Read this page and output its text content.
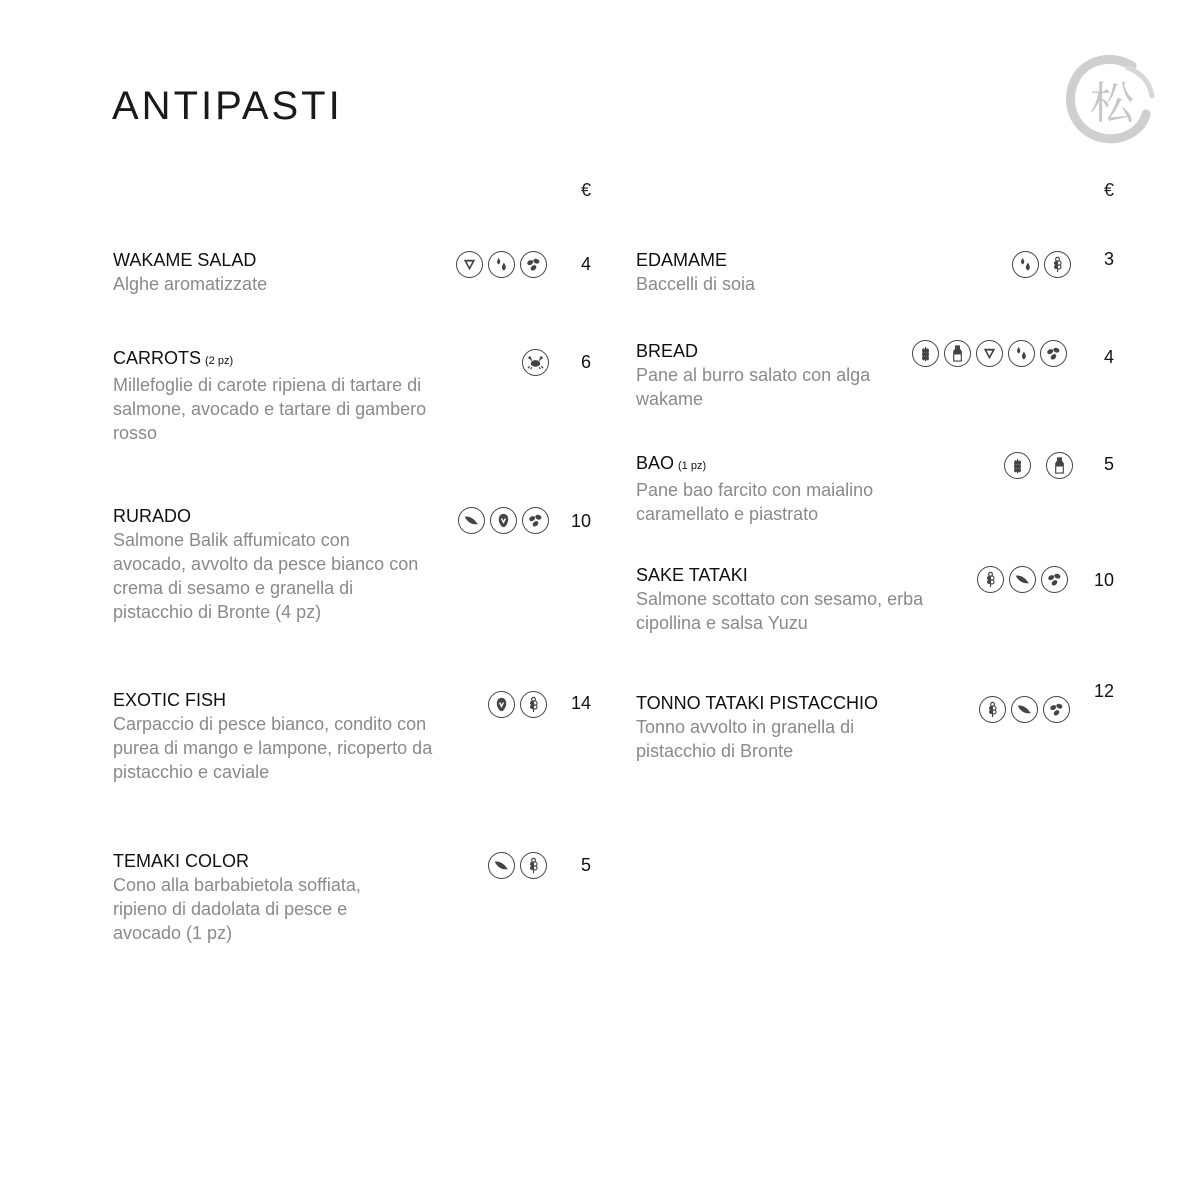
ANTIPASTI	松
€	€
WAKAME SALAD
Alghe aromatizzate
4
CARROTS (2 pz)
Millefoglie di carote ripiena di tartare di salmone, avocado e tartare di gambero rosso
6
RURADO
Salmone Balik affumicato con avocado, avvolto da pesce bianco con crema di sesamo e granella di pistacchio di Bronte (4 pz)
10
EXOTIC FISH
Carpaccio di pesce bianco, condito con purea di mango e lampone, ricoperto da pistacchio e caviale
14
TEMAKI COLOR
Cono alla barbabietola soffiata, ripieno di dadolata di pesce e avocado (1 pz)
5
EDAMAME
Baccelli di soia
3
BREAD
Pane al burro salato con alga wakame
4
BAO (1 pz)
Pane bao farcito con maialino caramellato e piastrato
5
SAKE TATAKI
Salmone scottato con sesamo, erba cipollina e salsa Yuzu
10
TONNO TATAKI PISTACCHIO
Tonno avvolto in granella di pistacchio di Bronte
12
